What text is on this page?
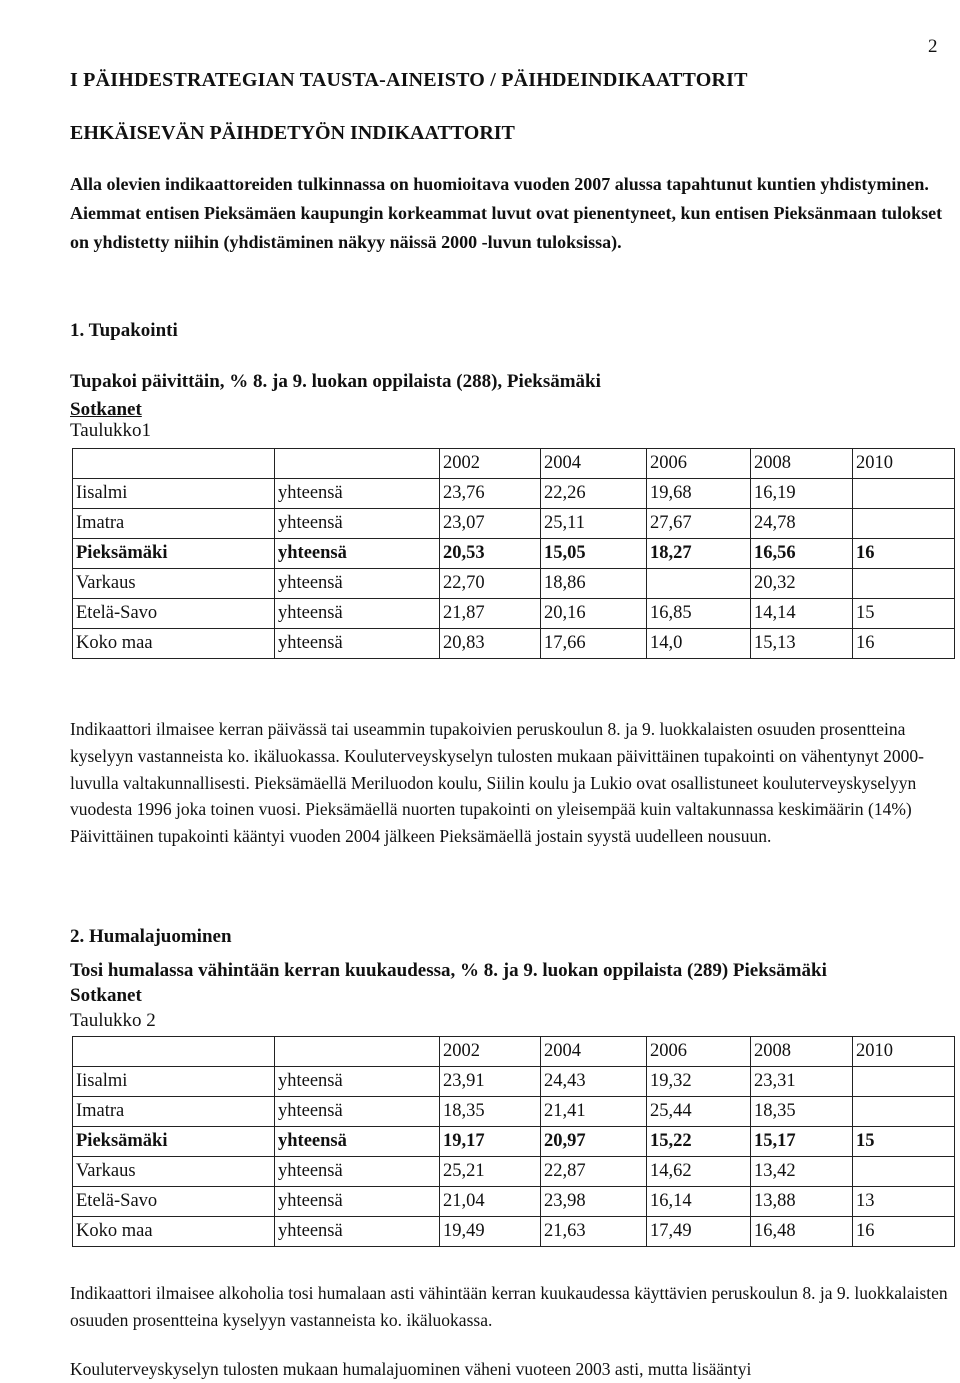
2
I PÄIHDESTRATEGIAN TAUSTA-AINEISTO / PÄIHDEINDIKAATTORIT
EHKÄISEVÄN PÄIHDETYÖN INDIKAATTORIT
Alla olevien indikaattoreiden tulkinnassa on huomioitava vuoden 2007 alussa tapahtunut kuntien yhdistyminen. Aiemmat entisen Pieksämäen kaupungin korkeammat luvut ovat pienentyneet, kun entisen Pieksänmaan tulokset on yhdistetty niihin (yhdistäminen näkyy näissä 2000 -luvun tuloksissa).
1. Tupakointi
Tupakoi päivittäin, % 8. ja 9. luokan oppilaista (288), Pieksämäki
Sotkanet
Taulukko1
		2002	2004	2006	2008	2010
Iisalmi	yhteensä	23,76	22,26	19,68	16,19	
Imatra	yhteensä	23,07	25,11	27,67	24,78	
Pieksämäki	yhteensä	20,53	15,05	18,27	16,56	16
Varkaus	yhteensä	22,70	18,86		20,32	
Etelä-Savo	yhteensä	21,87	20,16	16,85	14,14	15
Koko maa	yhteensä	20,83	17,66	14,0	15,13	16
Indikaattori ilmaisee kerran päivässä tai useammin tupakoivien peruskoulun 8. ja 9. luokkalaisten osuuden prosentteina kyselyyn vastanneista ko. ikäluokassa. Kouluterveyskyselyn tulosten mukaan päivittäinen tupakointi on vähentynyt 2000-luvulla valtakunnallisesti. Pieksämäellä Meriluodon koulu, Siilin koulu ja Lukio ovat osallistuneet kouluterveyskyselyyn vuodesta 1996 joka toinen vuosi. Pieksämäellä nuorten tupakointi on yleisempää kuin valtakunnassa keskimäärin (14%) Päivittäinen tupakointi kääntyi vuoden 2004 jälkeen Pieksämäellä jostain syystä uudelleen nousuun.
2. Humalajuominen
Tosi humalassa vähintään kerran kuukaudessa, % 8. ja 9. luokan oppilaista (289) Pieksämäki
Sotkanet
Taulukko 2
		2002	2004	2006	2008	2010
Iisalmi	yhteensä	23,91	24,43	19,32	23,31	
Imatra	yhteensä	18,35	21,41	25,44	18,35	
Pieksämäki	yhteensä	19,17	20,97	15,22	15,17	15
Varkaus	yhteensä	25,21	22,87	14,62	13,42	
Etelä-Savo	yhteensä	21,04	23,98	16,14	13,88	13
Koko maa	yhteensä	19,49	21,63	17,49	16,48	16
Indikaattori ilmaisee alkoholia tosi humalaan asti vähintään kerran kuukaudessa käyttävien peruskoulun 8. ja 9. luokkalaisten osuuden prosentteina kyselyyn vastanneista ko. ikäluokassa.
Kouluterveyskyselyn tulosten mukaan humalajuominen väheni vuoteen 2003 asti, mutta lisääntyi
